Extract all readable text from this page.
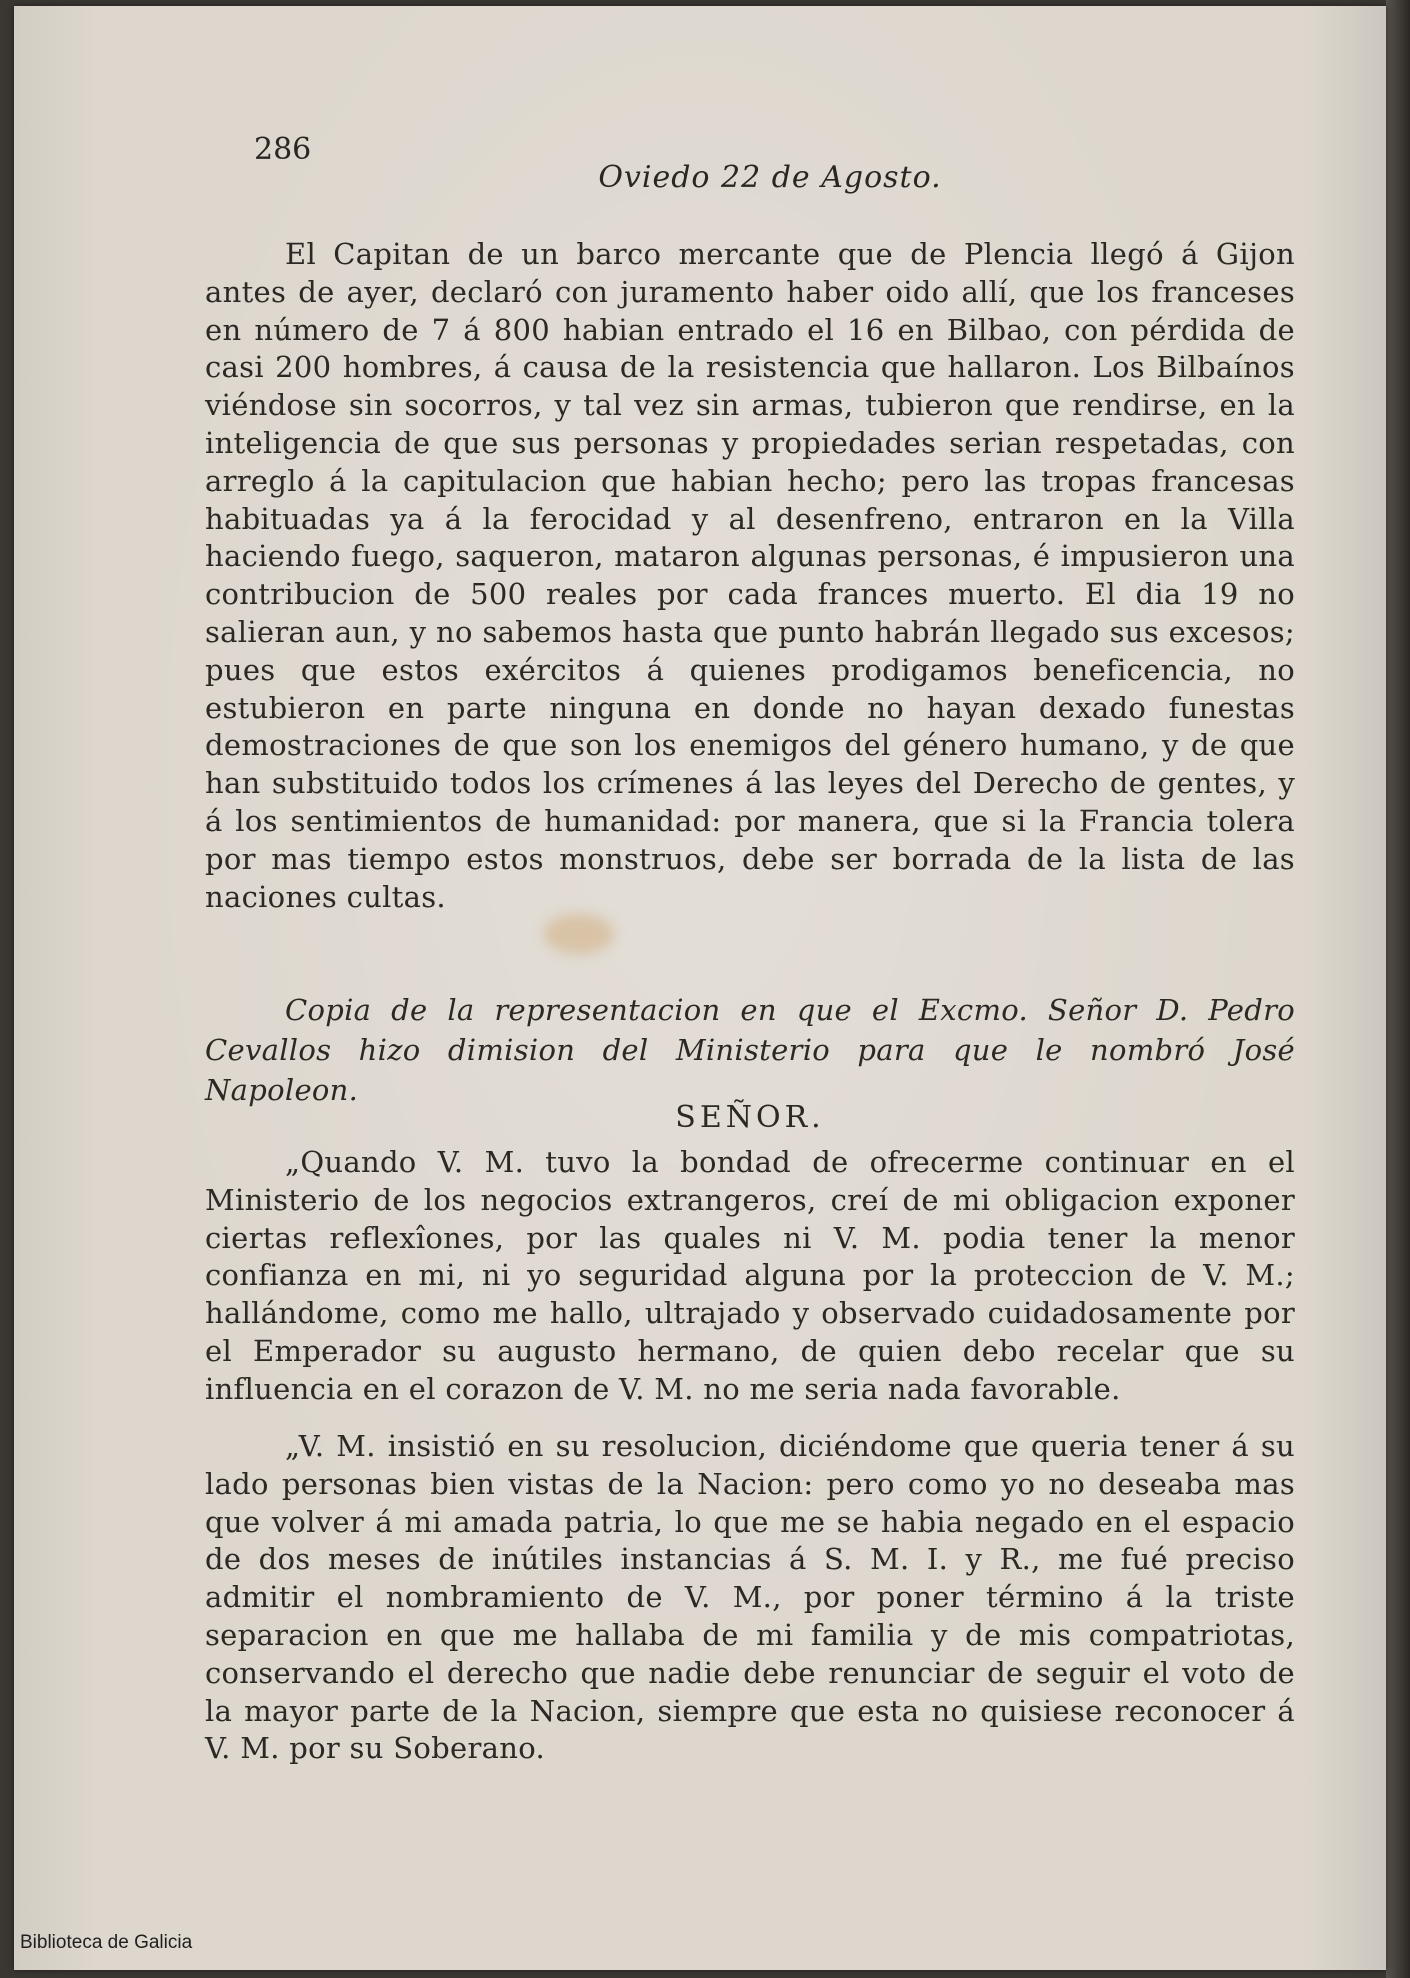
286
Oviedo 22 de Agosto.

El Capitan de un barco mercante que de Plencia llegó á Gijon antes de ayer, declaró con juramento haber oido allí, que los franceses en número de 7 á 800 habian entrado el 16 en Bilbao, con pérdida de casi 200 hombres, á causa de la resistencia que hallaron. Los Bilbaínos viéndose sin socorros, y tal vez sin armas, tubieron que rendirse, en la inteligencia de que sus personas y propiedades serian respetadas, con arreglo á la capitulacion que habian hecho; pero las tropas francesas habituadas ya á la ferocidad y al desenfreno, entraron en la Villa haciendo fuego, saqueron, mataron algunas personas, é impusieron una contribucion de 500 reales por cada frances muerto. El dia 19 no salieran aun, y no sabemos hasta que punto habrán llegado sus excesos; pues que estos exércitos á quienes prodigamos beneficencia, no estubieron en parte ninguna en donde no hayan dexado funestas demostraciones de que son los enemigos del género humano, y de que han substituido todos los crímenes á las leyes del Derecho de gentes, y á los sentimientos de humanidad: por manera, que si la Francia tolera por mas tiempo estos monstruos, debe ser borrada de la lista de las naciones cultas.

Copia de la representacion en que el Excmo. Señor D. Pedro Cevallos hizo dimision del Ministerio para que le nombró José Napoleon.

SEÑOR.

„Quando V. M. tuvo la bondad de ofrecerme continuar en el Ministerio de los negocios extrangeros, creí de mi obligacion exponer ciertas reflexîones, por las quales ni V. M. podia tener la menor confianza en mi, ni yo seguridad alguna por la proteccion de V. M.; hallándome, como me hallo, ultrajado y observado cuidadosamente por el Emperador su augusto hermano, de quien debo recelar que su influencia en el corazon de V. M. no me seria nada favorable.

„V. M. insistió en su resolucion, diciéndome que queria tener á su lado personas bien vistas de la Nacion: pero como yo no deseaba mas que volver á mi amada patria, lo que me se habia negado en el espacio de dos meses de inútiles instancias á S. M. I. y R., me fué preciso admitir el nombramiento de V. M., por poner término á la triste separacion en que me hallaba de mi familia y de mis compatriotas, conservando el derecho que nadie debe renunciar de seguir el voto de la mayor parte de la Nacion, siempre que esta no quisiese reconocer á V. M. por su Soberano.

Biblioteca de Galicia
